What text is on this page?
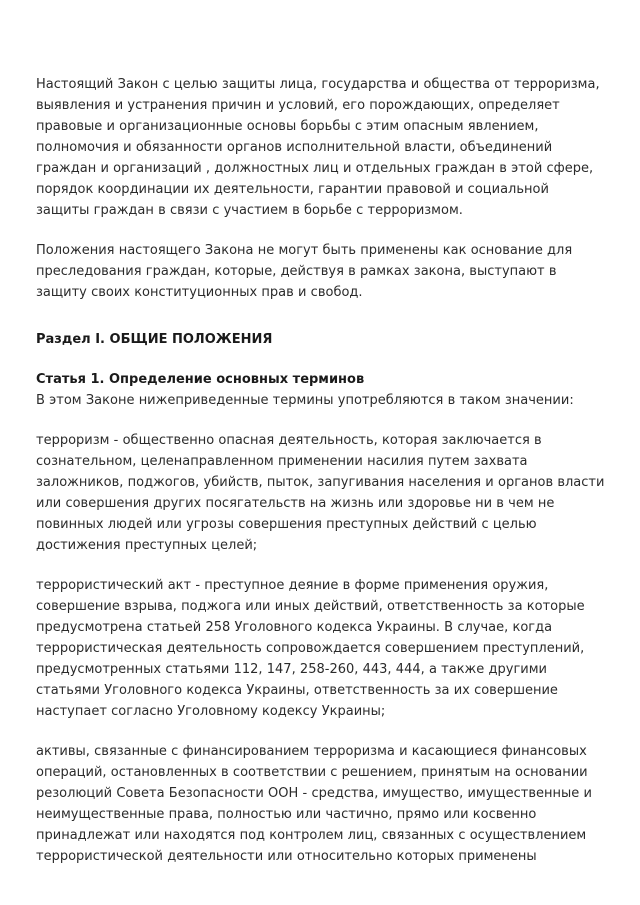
Настоящий Закон с целью защиты лица, государства и общества от терроризма, выявления и устранения причин и условий, его порождающих, определяет правовые и организационные основы борьбы с этим опасным явлением, полномочия и обязанности органов исполнительной власти, объединений граждан и организаций , должностных лиц и отдельных граждан в этой сфере, порядок координации их деятельности, гарантии правовой и социальной защиты граждан в связи с участием в борьбе с терроризмом.

Положения настоящего Закона не могут быть применены как основание для преследования граждан, которые, действуя в рамках закона, выступают в защиту своих конституционных прав и свобод.

Раздел I. ОБЩИЕ ПОЛОЖЕНИЯ
Статья 1. Определение основных терминов

В этом Законе нижеприведенные термины употребляются в таком значении:

терроризм - общественно опасная деятельность, которая заключается в сознательном, целенаправленном применении насилия путем захвата заложников, поджогов, убийств, пыток, запугивания населения и органов власти или совершения других посягательств на жизнь или здоровье ни в чем не повинных людей или угрозы совершения преступных действий с целью достижения преступных целей;

террористический акт - преступное деяние в форме применения оружия, совершение взрыва, поджога или иных действий, ответственность за которые предусмотрена статьей 258 Уголовного кодекса Украины. В случае, когда террористическая деятельность сопровождается совершением преступлений, предусмотренных статьями 112, 147, 258-260, 443, 444, а также другими статьями Уголовного кодекса Украины, ответственность за их совершение наступает согласно Уголовному кодексу Украины;

активы, связанные с финансированием терроризма и касающиеся финансовых операций, остановленных в соответствии с решением, принятым на основании резолюций Совета Безопасности ООН - средства, имущество, имущественные и неимущественные права, полностью или частично, прямо или косвенно принадлежат или находятся под контролем лиц, связанных с осуществлением террористической деятельности или относительно которых применены
